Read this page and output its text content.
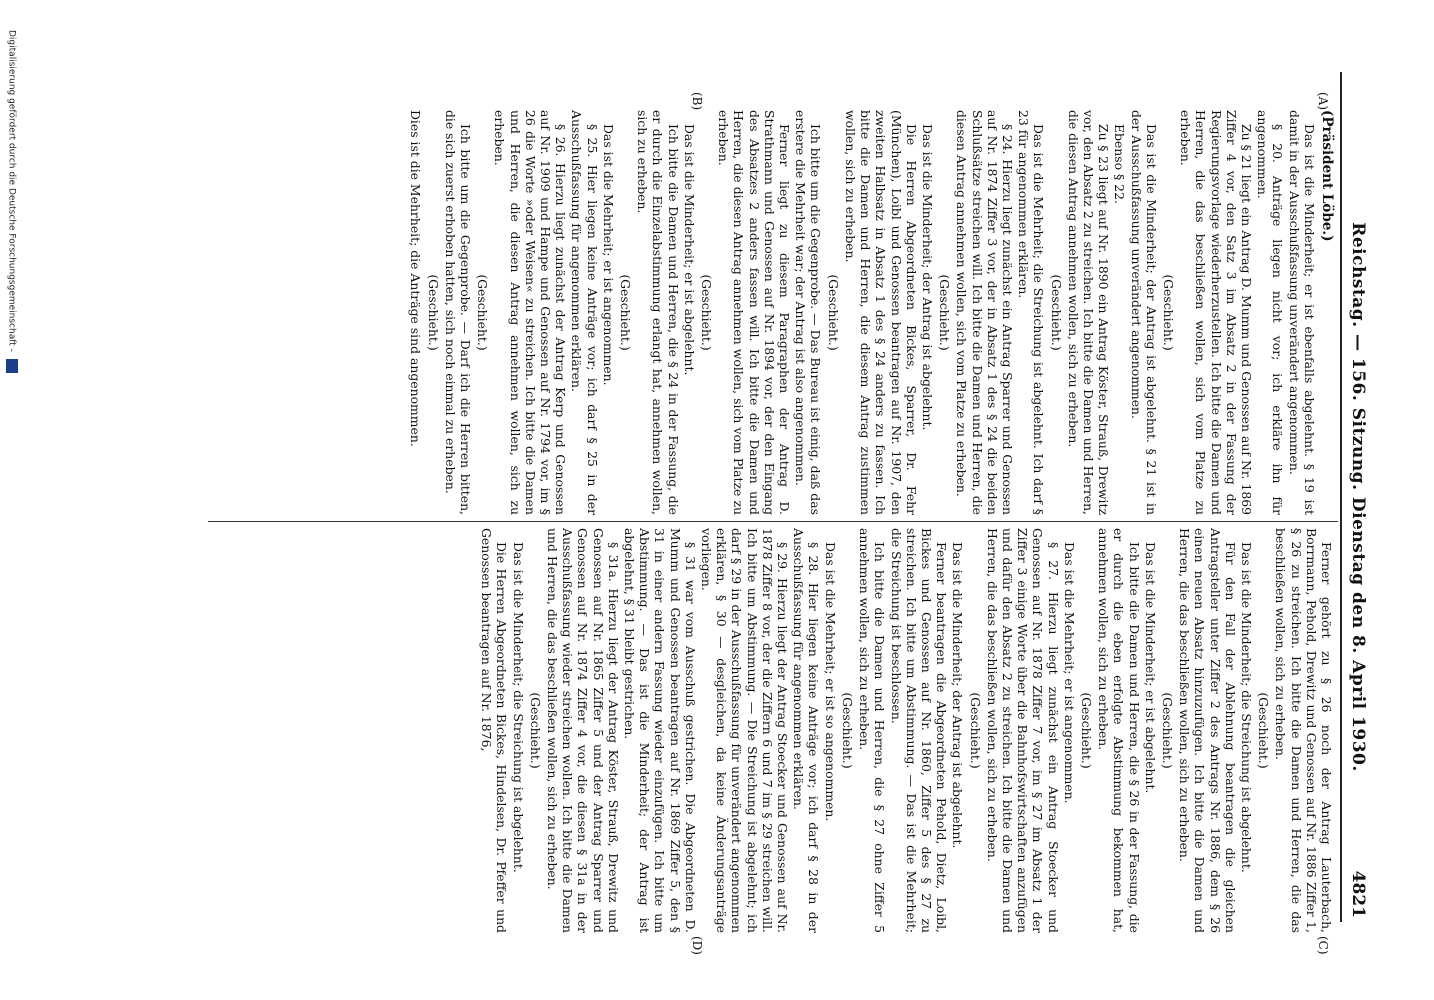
Reichstag. — 156. Sitzung. Dienstag den 8. April 1930.
4821
(A)
(B)
(C)
(D)

(Präsident Löbe.)

Das ist die Minderheit; er ist ebenfalls abgelehnt. § 19 ist damit in der Ausschußfassung unverändert angenommen.

§ 20. Anträge liegen nicht vor; ich erkläre ihn für angenommen.

Zu § 21 liegt ein Antrag D. Mumm und Genossen auf Nr. 1869 Ziffer 4 vor, den Satz 3 im Absatz 2 in der Fassung der Regierungsvorlage wiederherzustellen. Ich bitte die Damen und Herren, die das beschließen wollen, sich vom Platze zu erheben.

(Geschieht.)

Das ist die Minderheit; der Antrag ist abgelehnt. § 21 ist in der Ausschußfassung unverändert angenommen.

Ebenso § 22.

Zu § 23 liegt auf Nr. 1890 ein Antrag Köster, Strauß, Drewitz vor, den Absatz 2 zu streichen. Ich bitte die Damen und Herren, die diesen Antrag annehmen wollen, sich zu erheben.

(Geschieht.)

Das ist die Mehrheit; die Streichung ist abgelehnt. Ich darf § 23 für angenommen erklären.

§ 24. Hierzu liegt zunächst ein Antrag Sparrer und Genossen auf Nr. 1874 Ziffer 3 vor, der in Absatz 1 des § 24 die beiden Schlußsätze streichen will. Ich bitte die Damen und Herren, die diesen Antrag annehmen wollen, sich vom Platze zu erheben.

(Geschieht.)

Das ist die Minderheit; der Antrag ist abgelehnt.

Die Herren Abgeordneten Bickes, Sparrer, Dr. Fehr (München), Loibl und Genossen beantragen auf Nr. 1907, den zweiten Halbsatz in Absatz 1 des § 24 anders zu fassen. Ich bitte die Damen und Herren, die diesem Antrag zustimmen wollen, sich zu erheben.

(Geschieht.)

Ich bitte um die Gegenprobe. — Das Bureau ist einig, daß das erstere die Mehrheit war; der Antrag ist also angenommen.

Ferner liegt zu diesem Paragraphen der Antrag D. Strathmann und Genossen auf Nr. 1894 vor, der den Eingang des Absatzes 2 anders fassen will. Ich bitte die Damen und Herren, die diesen Antrag annehmen wollen, sich vom Platze zu erheben.

(Geschieht.)

Das ist die Minderheit; er ist abgelehnt.

Ich bitte die Damen und Herren, die § 24 in der Fassung, die er durch die Einzelabstimmung erlangt hat, annehmen wollen, sich zu erheben.

(Geschieht.)

Das ist die Mehrheit; er ist angenommen.

§ 25. Hier liegen keine Anträge vor; ich darf § 25 in der Ausschußfassung für angenommen erklären.

§ 26. Hierzu liegt zunächst der Antrag Kerp und Genossen auf Nr. 1909 und Hampe und Genossen auf Nr. 1794 vor, im § 26 die Worte »oder Weisen« zu streichen. Ich bitte die Damen und Herren, die diesen Antrag annehmen wollen, sich zu erheben.

(Geschieht.)

Ich bitte um die Gegenprobe. — Darf ich die Herren bitten, die sich zuerst erhoben hatten, sich noch einmal zu erheben.

(Geschieht.)

Dies ist die Mehrheit; die Anträge sind angenommen.

Ferner gehört zu § 26 noch der Antrag Lauterbach, Borrmann, Pehold, Drewitz und Genossen auf Nr. 1886 Ziffer 1, § 26 zu streichen. Ich bitte die Damen und Herren, die das beschließen wollen, sich zu erheben.

(Geschieht.)

Das ist die Minderheit; die Streichung ist abgelehnt.

Für den Fall der Ablehnung beantragen die gleichen Antragsteller unter Ziffer 2 des Antrags Nr. 1886, dem § 26 einen neuen Absatz hinzuzufügen. Ich bitte die Damen und Herren, die das beschließen wollen, sich zu erheben.

(Geschieht.)

Das ist die Minderheit; er ist abgelehnt.

Ich bitte die Damen und Herren, die § 26 in der Fassung, die er durch die eben erfolgte Abstimmung bekommen hat, annehmen wollen, sich zu erheben.

(Geschieht.)

Das ist die Mehrheit; er ist angenommen.

§ 27. Hierzu liegt zunächst ein Antrag Stoecker und Genossen auf Nr. 1878 Ziffer 7 vor, im § 27 im Absatz 1 der Ziffer 3 einige Worte über die Bahnhofswirtschaften anzufügen und dafür den Absatz 2 zu streichen. Ich bitte die Damen und Herren, die das beschließen wollen, sich zu erheben.

(Geschieht.)

Das ist die Minderheit; der Antrag ist abgelehnt.

Ferner beantragen die Abgeordneten Pehold, Dietz, Loibl, Bickes und Genossen auf Nr. 1860, Ziffer 5 des § 27 zu streichen. Ich bitte um Abstimmung. — Das ist die Mehrheit; die Streichung ist beschlossen.

Ich bitte die Damen und Herren, die § 27 ohne Ziffer 5 annehmen wollen, sich zu erheben.

(Geschieht.)

Das ist die Mehrheit; er ist so angenommen.

§ 28. Hier liegen keine Anträge vor; ich darf § 28 in der Ausschußfassung für angenommen erklären.

§ 29. Hierzu liegt der Antrag Stoecker und Genossen auf Nr. 1878 Ziffer 8 vor, der die Ziffern 6 und 7 im § 29 streichen will. Ich bitte um Abstimmung. — Die Streichung ist abgelehnt; ich darf § 29 in der Ausschußfassung für unverändert angenommen erklären, § 30 — desgleichen, da keine Änderungsanträge vorliegen.

§ 31 war vom Ausschuß gestrichen. Die Abgeordneten D. Mumm und Genossen beantragen auf Nr. 1869 Ziffer 5, den § 31 in einer andern Fassung wieder einzufügen. Ich bitte um Abstimmung. — Das ist die Minderheit; der Antrag ist abgelehnt, § 31 bleibt gestrichen.

§ 31a. Hierzu liegt der Antrag Köster, Strauß, Drewitz und Genossen auf Nr. 1865 Ziffer 5 und der Antrag Sparrer und Genossen auf Nr. 1874 Ziffer 4 vor, die diesen § 31a in der Ausschußfassung wieder streichen wollen. Ich bitte die Damen und Herren, die das beschließen wollen, sich zu erheben.

(Geschieht.)

Das ist die Minderheit; die Streichung ist abgelehnt.

Die Herren Abgeordneten Bickes, Hindelsen, Dr. Pfeffer und Genossen beantragen auf Nr. 1876,

Digitalisierung gefördert durch die Deutsche Forschungsgemeinschaft -
